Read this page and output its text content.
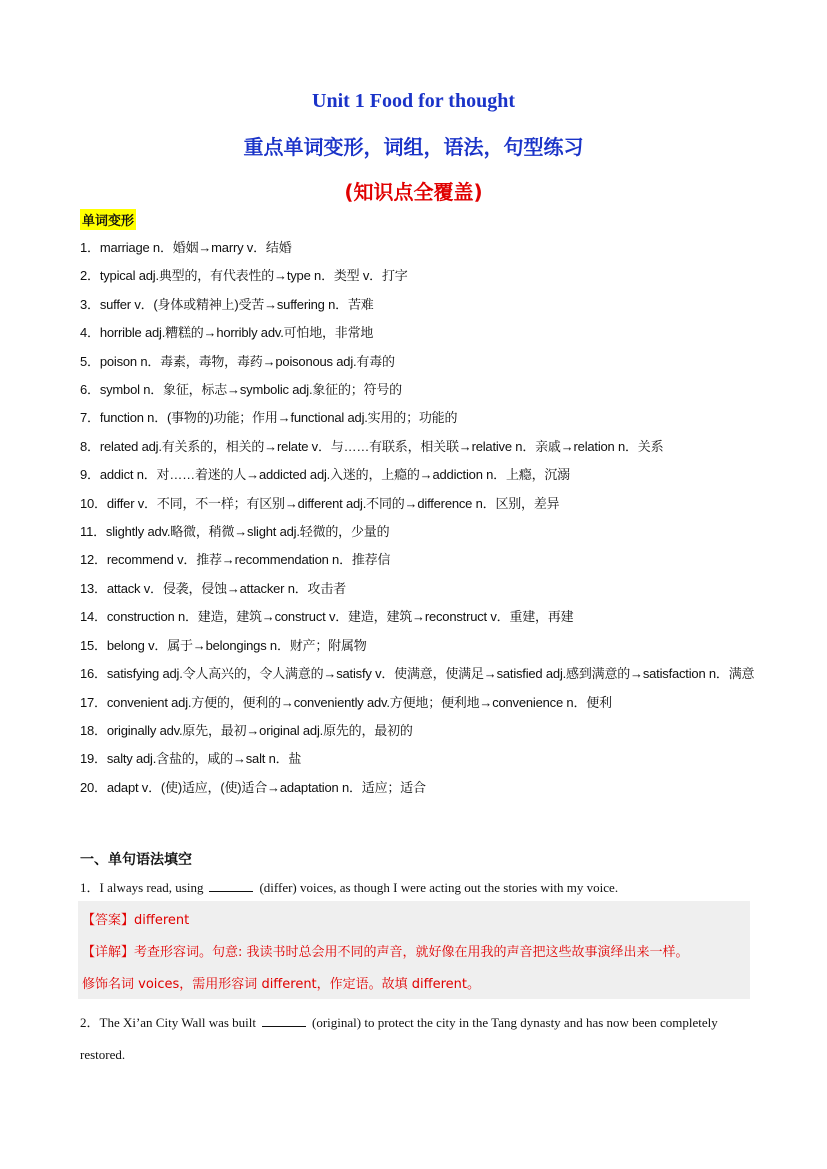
Unit 1 Food for thought
重点单词变形，词组，语法，句型练习
(知识点全覆盖)
单词变形
1．marriage n．婚姻→marry v．结婚
2．typical adj.典型的，有代表性的→type n．类型 v．打字
3．suffer v．(身体或精神上)受苦→suffering n．苦难
4．horrible adj.糟糕的→horribly adv.可怕地，非常地
5．poison n．毒素，毒物，毒药→poisonous adj.有毒的
6．symbol n．象征，标志→symbolic adj.象征的；符号的
7．function n．(事物的)功能；作用→functional adj.实用的；功能的
8．related adj.有关系的，相关的→relate v．与……有联系，相关联→relative n．亲戚→relation n．关系
9．addict n．对……着迷的人→addicted adj.入迷的，上瘾的→addiction n．上瘾，沉溺
10．differ v．不同，不一样；有区别→different adj.不同的→difference n．区别，差异
11．slightly adv.略微，稍微→slight adj.轻微的，少量的
12．recommend v．推荐→recommendation n．推荐信
13．attack v．侵袭，侵蚀→attacker n．攻击者
14．construction n．建造，建筑→construct v．建造，建筑→reconstruct v．重建，再建
15．belong v．属于→belongings n．财产；附属物
16．satisfying adj.令人高兴的，令人满意的→satisfy v．使满意，使满足→satisfied adj.感到满意的→satisfaction n．满意
17．convenient adj.方便的，便利的→conveniently adv.方便地；便利地→convenience n．便利
18．originally adv.原先，最初→original adj.原先的，最初的
19．salty adj.含盐的，咸的→salt n．盐
20．adapt v．(使)适应，(使)适合→adaptation n．适应；适合
一、单句语法填空
1．I always read, using	(differ) voices, as though I were acting out the stories with my voice.
【答案】different
【详解】考查形容词。句意: 我读书时总会用不同的声音，就好像在用我的声音把这些故事演绎出来一样。
修饰名词 voices，需用形容词 different，作定语。故填 different。
2．The Xi’an City Wall was built	(original) to protect the city in the Tang dynasty and has now been completely restored.
